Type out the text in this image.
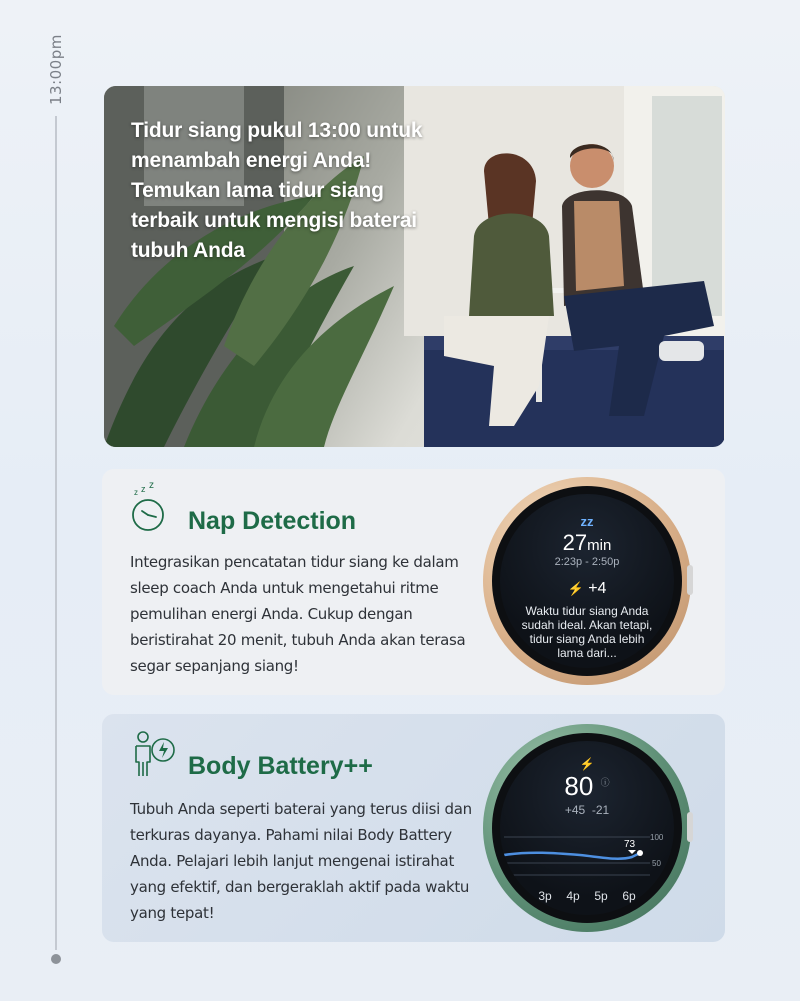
13:00pm
Tidur siang pukul 13:00 untuk menambah energi Anda! Temukan lama tidur siang terbaik untuk mengisi baterai tubuh Anda
z z z
Nap Detection
Integrasikan pencatatan tidur siang ke dalam sleep coach Anda untuk mengetahui ritme pemulihan energi Anda. Cukup dengan beristirahat 20 menit, tubuh Anda akan terasa segar sepanjang siang!
zz
27min
2:23p - 2:50p
⚡ +4
Waktu tidur siang Anda sudah ideal. Akan tetapi, tidur siang Anda lebih lama dari...
Body Battery++
Tubuh Anda seperti baterai yang terus diisi dan terkuras dayanya. Pahami nilai Body Battery Anda. Pelajari lebih lanjut mengenai istirahat yang efektif, dan bergeraklah aktif pada waktu yang tepat!
⚡
80 ⓘ
+45 -21
73
100
50
3p 4p 5p 6p
